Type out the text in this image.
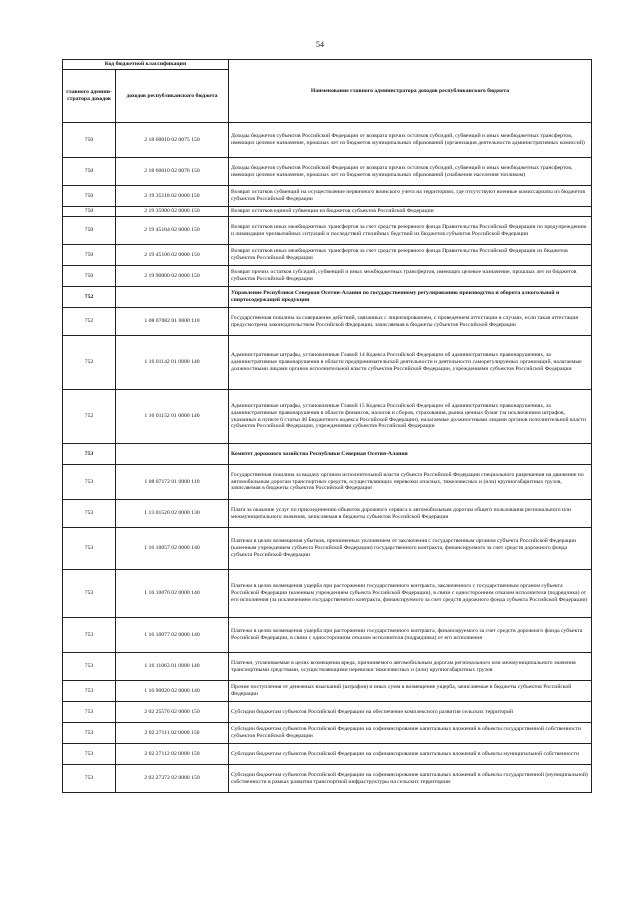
54
Код бюджетной классификации		Наименование главного администратора доходов республиканского бюджета
главного админи- стратора доходов	доходов республиканского бюджета	
750	2 18 60010 02 0075 150	Доходы бюджетов субъектов Российской Федерации от возврата прочих остатков субсидий, субвенций и иных межбюджетных трансфертов, имеющих целевое назначение, прошлых лет из бюджетов муниципальных образований (организация деятельности административных комиссий)
750	2 18 60010 02 0076 150	Доходы бюджетов субъектов Российской Федерации от возврата прочих остатков субсидий, субвенций и иных межбюджетных трансфертов, имеющих целевое назначение, прошлых лет из бюджетов муниципальных образований (снабжение населения топливом)
750	2 19 35118 02 0000 150	Возврат остатков субвенций на осуществление первичного воинского учета на территориях, где отсутствуют военные комиссариаты из бюджетов субъектов Российской Федерации
750	2 19 35900 02 0000 150	Возврат остатков единой субвенции из бюджетов субъектов Российской Федерации
750	2 19 45104 02 0000 150	Возврат остатков иных межбюджетных трансфертов за счет средств резервного фонда Правительства Российской Федерации по предупреждению и ликвидации чрезвычайных ситуаций и последствий стихийных бедствий из бюджетов субъектов Российской Федерации
750	2 19 45106 02 0000 150	Возврат остатков иных межбюджетных трансфертов за счет средств резервного фонда Правительства Российской Федерации из бюджетов субъектов Российской Федерации
750	2 19 90000 02 0000 150	Возврат прочих остатков субсидий, субвенций и иных межбюджетных трансфертов, имеющих целевое назначение, прошлых лет из бюджетов субъектов Российской Федерации
752		Управление Республики Северная Осетия-Алания по государственному регулированию производства и оборота алкогольной и спиртосодержащей продукции
752	1 08 07082 01 0000 110	Государственная пошлина за совершение действий, связанных с лицензированием, с проведением аттестации в случаях, если такая аттестация предусмотрена законодательством Российской Федерации, зачисляемая в бюджеты субъектов Российской Федерации
752	1 16 01142 01 0000 140	Административные штрафы, установленные Главой 14 Кодекса Российской Федерации об административных правонарушениях, за административные правонарушения в области предпринимательской деятельности и деятельности саморегулируемых организаций, налагаемые должностными лицами органов исполнительной власти субъектов Российской Федерации, учреждениями субъектов Российской Федерации
752	1 16 01152 01 0000 140	Административные штрафы, установленные Главой 15 Кодекса Российской Федерации об административных правонарушениях, за административные правонарушения в области финансов, налогов и сборов, страхования, рынка ценных бумаг (за исключением штрафов, указанных в пункте 6 статьи 46 Бюджетного кодекса Российской Федерации), налагаемые должностными лицами органов исполнительной власти субъектов Российской Федерации, учреждениями субъектов Российской Федерации
753		Комитет дорожного хозяйства Республики Северная Осетия-Алания
753	1 08 07172 01 0000 110	Государственная пошлина за выдачу органом исполнительной власти субъекта Российской Федерации специального разрешения на движение по автомобильным дорогам транспортных средств, осуществляющих перевозки опасных, тяжеловесных и (или) крупногабаритных грузов, зачисляемая в бюджеты субъектов Российской Федерации
753	1 13 01520 02 0000 130	Плата за оказание услуг по присоединению объектов дорожного сервиса к автомобильным дорогам общего пользования регионального или межмуниципального значения, зачисляемая в бюджеты субъектов Российской Федерации
753	1 16 10057 02 0000 140	Платежи в целях возмещения убытков, причиненных уклонением от заключения с государственным органом субъекта Российской Федерации (казенным учреждением субъекта Российской Федерации) государственного контракта, финансируемого за счет средств дорожного фонда субъекта Российской Федерации
753	1 16 10076 02 0000 140	Платежи в целях возмещения ущерба при расторжении государственного контракта, заключенного с государственным органом субъекта Российской Федерации (казенным учреждением субъекта Российской Федерации), в связи с односторонним отказом исполнителя (подрядчика) от его исполнения (за исключением государственного контракта, финансируемого за счет средств дорожного фонда субъекта Российской Федерации)
753	1 16 10077 02 0000 140	Платежи в целях возмещения ущерба при расторжении государственного контракта, финансируемого за счет средств дорожного фонда субъекта Российской Федерации, в связи с односторонним отказом исполнителя (подрядчика) от его исполнения
753	1 16 11063 01 0000 140	Платежи, уплачиваемые в целях возмещения вреда, причиняемого автомобильным дорогам регионального или межмуниципального значения транспортными средствами, осуществляющими перевозки тяжеловесных и (или) крупногабаритных грузов
753	1 16 90020 02 0000 140	Прочие поступления от денежных взысканий (штрафов) и иных сумм в возмещение ущерба, зачисляемые в бюджеты субъектов Российской Федерации
753	2 02 25576 02 0000 150	Субсидии бюджетам субъектов Российской Федерации на обеспечение комплексного развития сельских территорий
753	2 02 27111 02 0000 150	Субсидии бюджетам субъектов Российской Федерации на софинансирование капитальных вложений в объекты государственной собственности субъектов Российской Федерации
753	2 02 27112 02 0000 150	Субсидии бюджетам субъектов Российской Федерации на софинансирование капитальных вложений в объекты муниципальной собственности
753	2 02 27372 02 0000 150	Субсидии бюджетам субъектов Российской Федерации на софинансирование капитальных вложений в объекты государственной (муниципальной) собственности в рамках развития транспортной инфраструктуры на сельских территориях
